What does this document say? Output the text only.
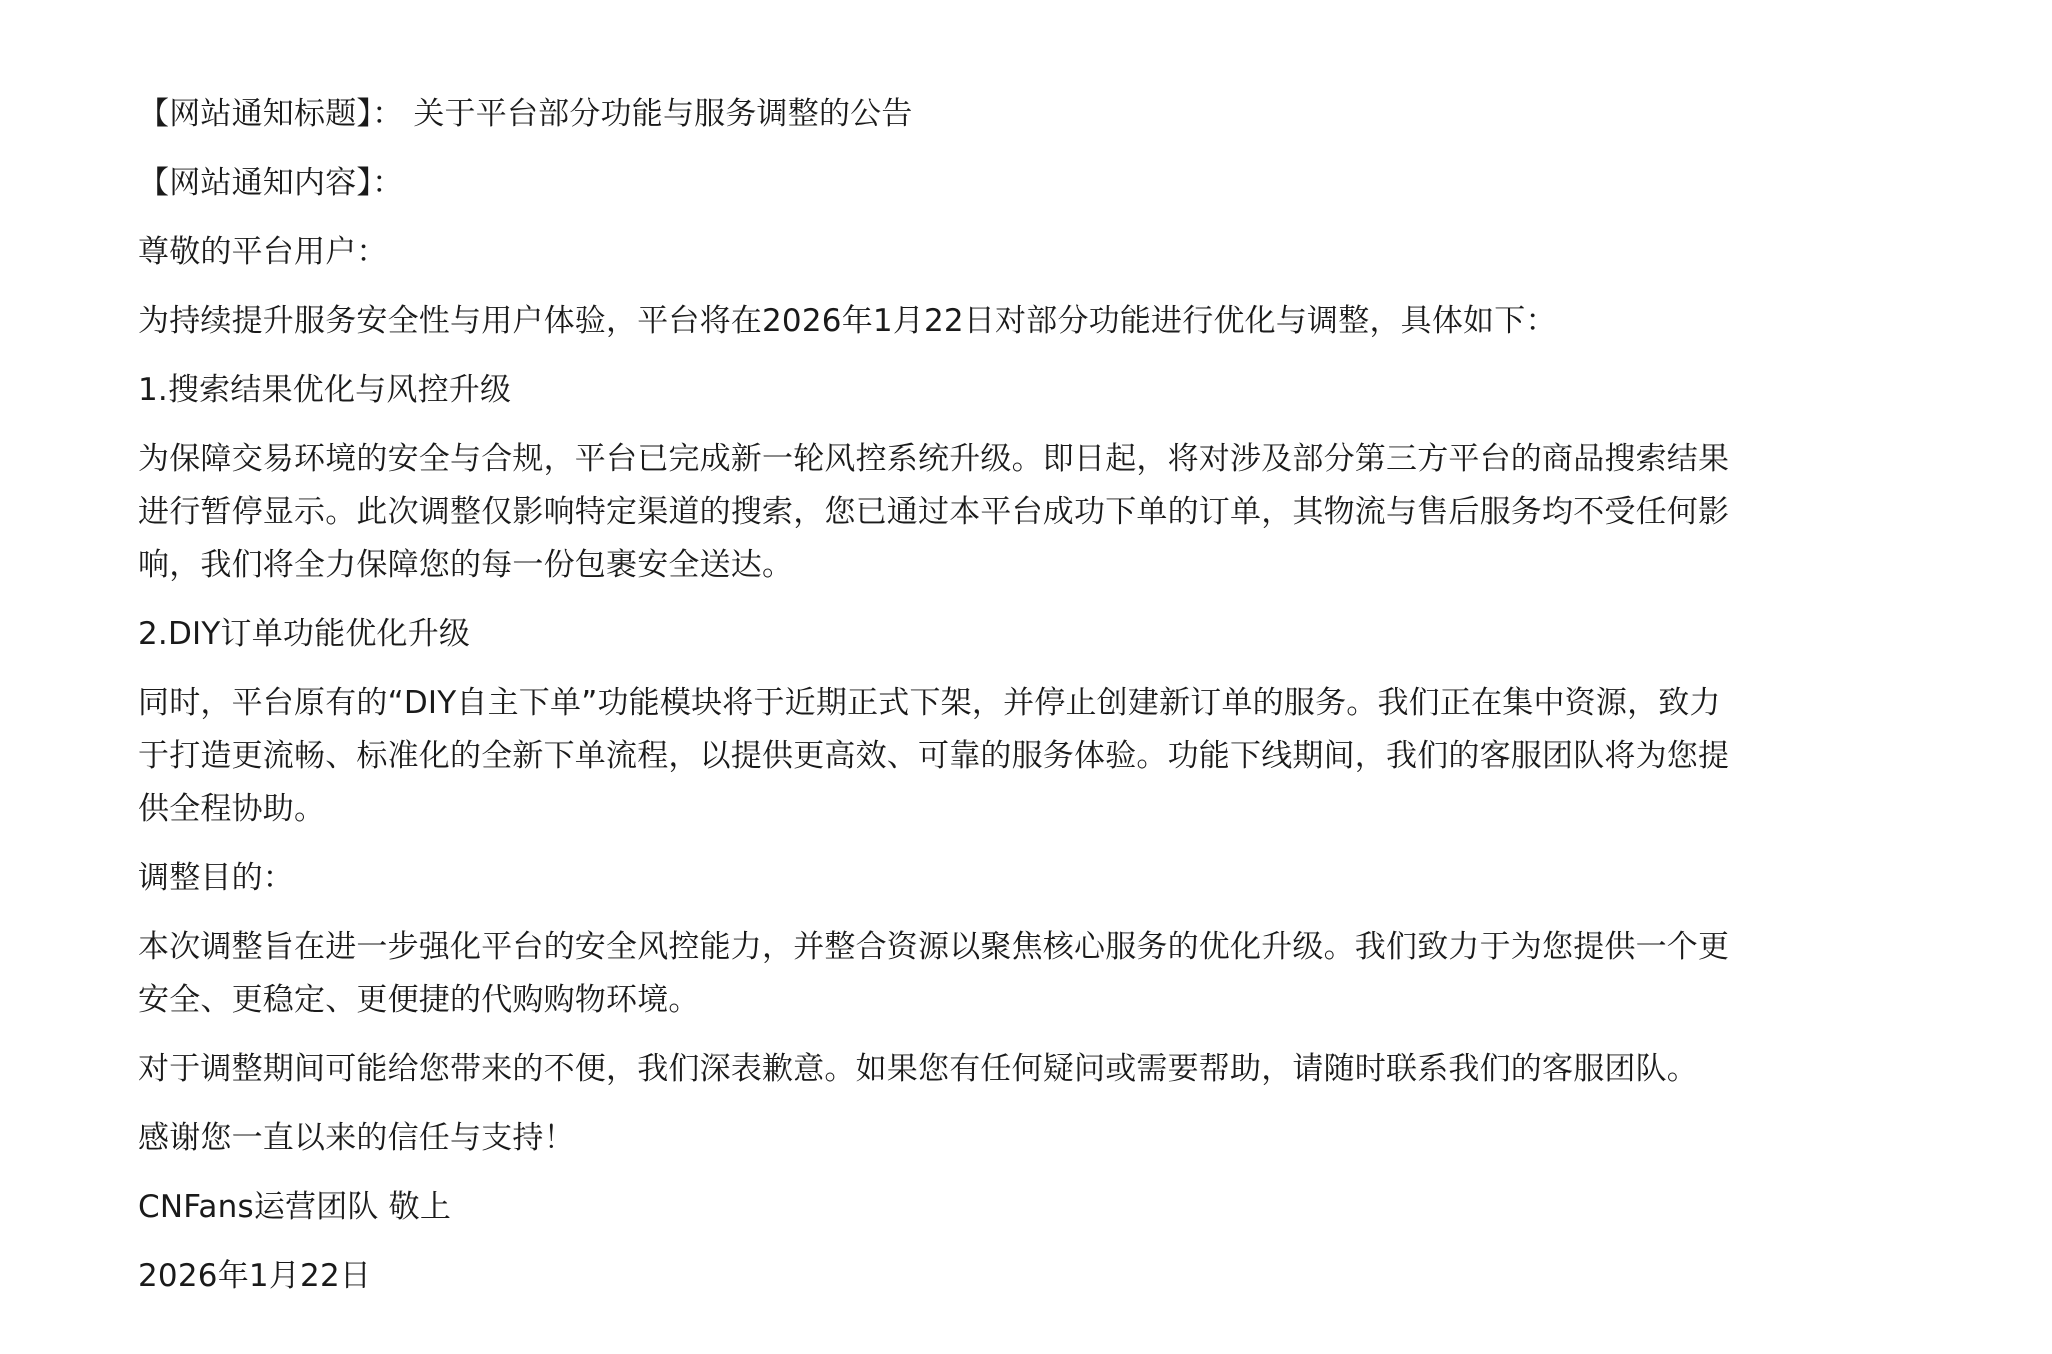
【网站通知标题】： 关于平台部分功能与服务调整的公告

【网站通知内容】：

尊敬的平台用户：

为持续提升服务安全性与用户体验，平台将在2026年1月22日对部分功能进行优化与调整，具体如下：

1.搜索结果优化与风控升级

为保障交易环境的安全与合规，平台已完成新一轮风控系统升级。即日起，将对涉及部分第三方平台的商品搜索结果
进行暂停显示。此次调整仅影响特定渠道的搜索，您已通过本平台成功下单的订单，其物流与售后服务均不受任何影
响，我们将全力保障您的每一份包裹安全送达。

2.DIY订单功能优化升级

同时，平台原有的“DIY自主下单”功能模块将于近期正式下架，并停止创建新订单的服务。我们正在集中资源，致力
于打造更流畅、标准化的全新下单流程，以提供更高效、可靠的服务体验。功能下线期间，我们的客服团队将为您提
供全程协助。

调整目的：

本次调整旨在进一步强化平台的安全风控能力，并整合资源以聚焦核心服务的优化升级。我们致力于为您提供一个更
安全、更稳定、更便捷的代购购物环境。

对于调整期间可能给您带来的不便，我们深表歉意。如果您有任何疑问或需要帮助，请随时联系我们的客服团队。

感谢您一直以来的信任与支持！

CNFans运营团队 敬上

2026年1月22日
